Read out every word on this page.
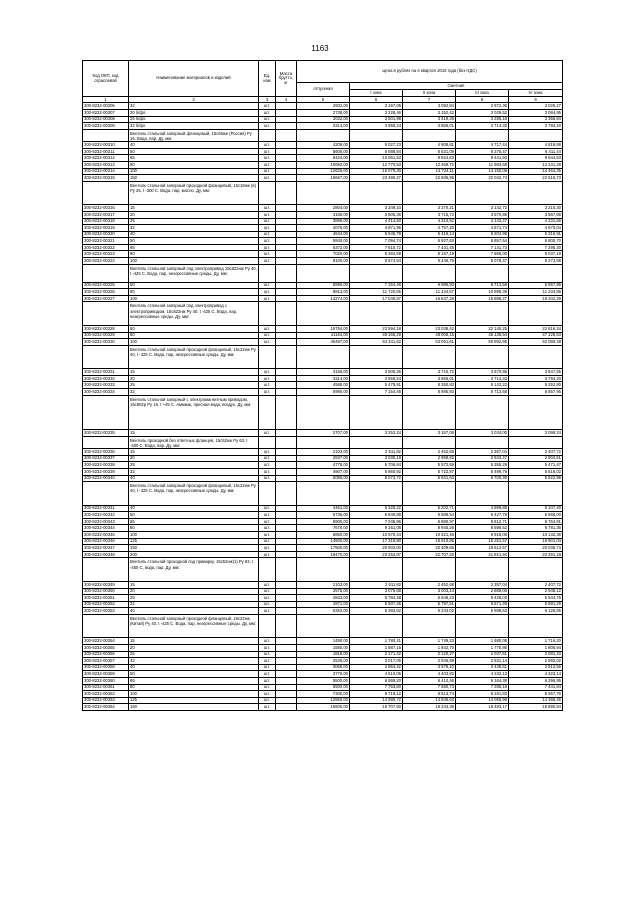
1163
Код ОКП, код отраслевой	Наименование материалов и изделий	Ед. изм	Масса брутто, кг	Цена в рублях на II квартал 2016 года (без НДС)				
				отпускная	Сметная			
					I зона	II зона	III зона	IV зона
1	2	3	4	5	6	7	8	9
300-8232-00306	32	шт.		2602,00	3 167,05	3 092,84	2 972,36	3 026,27
300-8232-00307	20 б/фл.	шт.		2738,00	3 228,46	3 152,42	3 029,52	3 084,95
300-8232-00308	25 б/фл.	шт.		2032,00	3 501,98	3 419,49	3 286,18	3 356,84
300-8232-00309	32 б/фл.	шт.		3314,00	3 958,24	3 865,01	3 714,33	3 784,20
	Вентиль стальной запорный фланцевый, 15с65нж (Россия) Ру 16. Вода, пар. Ду, мм:							
300-8232-00310	40	шт.		4209,00	5 027,23	4 908,81	4 717,44	4 819,88
300-8232-00311	50	шт.		5600,00	6 688,84	6 531,09	6 276,47	6 411,44
300-8232-00312	65	шт.		8424,00	10 061,53	9 824,63	9 441,60	9 644,63
300-8232-00313	80	шт.		10692,00	12 770,53	12 469,72	11 983,58	12 241,28
300-8232-00314	100	шт.		12625,00	15 079,30	14 724,11	14 150,08	14 454,35
300-8232-00315	150	шт.		19667,00	23 490,27	22 936,96	22 042,74	22 516,73
	Вентиль стальной запорный проходной фланцевый, 15с18нж (в) Ру 25, t -300 С. Вода, пар, масло. Ду, мм:							
300-8232-00316	15	шт.		2804,00	3 349,10	3 270,21	3 142,72	3 210,30
300-8232-00317	20	шт.		3156,00	3 605,36	3 715,72	3 570,86	3 567,66
300-8232-00318	25	шт.		3696,00	4 414,50	4 310,52	4 142,47	4 231,56
300-8232-00319	32	шт.		4076,00	4 871,96	4 757,20	4 571,74	4 670,04
300-8232-00320	40	шт.		4644,00	5 546,79	5 416,14	5 204,99	5 316,91
300-8232-00321	50	шт.		5940,00	7 094,74	6 927,63	6 657,54	6 800,70
300-8232-00322	65	шт.		6372,00	7 610,72	7 431,45	7 141,73	7 295,30
300-8232-00323	80	шт.		7020,00	8 384,69	8 187,19	7 868,00	8 037,19
300-8232-00324	100	шт.		8100,00	9 674,64	9 446,76	9 078,47	9 273,68
	Вентиль стальной запорный под электропривод 15с822нж Ру 40, t -425 С. Вода, пар, неагрессивные среды. Ду, мм:							
300-8232-00325	50	шт.		5990,00	7 154,46	6 985,93	6 713,58	6 857,95
300-8232-00326	80	шт.		9813,00	11 720,85	11 444,57	10 998,39	11 234,89
300-8232-00327	100	шт.		14274,00	17 048,87	16 647,28	15 998,27	16 342,29
	Вентиль стальной запорный под электропривод с электроприводом, 15с822нж Ру 40, t -425 С. Вода, пар, неагрессивные среды. Ду, мм:							
300-8232-00328	50	шт.		19754,00	23 594,18	23 038,42	22 140,25	22 616,34
300-8232-00329	80	шт.		41164,00	49 166,29	48 008,15	46 136,54	47 128,63
300-8232-00330	100	шт.		45497,00	54 341,62	53 061,61	50 992,95	52 089,48
	Вентиль стальной запорный проходной фланцевый, 15с22нж Ру 40, t -425 С. Вода, пар, неагрессивные среды. Ду, мм:							
300-8232-00331	15	шт.		3156,00	3 505,36	3 715,72	3 570,86	3 647,65
300-8232-00332	20	шт.		3314,00	3 958,24	3 865,01	3 714,33	3 794,20
300-8232-00333	25	шт.		4588,00	5 479,91	5 350,83	5 142,22	5 252,80
300-8232-00334	32	шт.		5990,00	7 154,46	6 985,93	6 713,58	6 857,95
	Вентиль стальной запорный с электромагнитным приводом, 15с802р Ру 16, t +45 С. Аммиак, пресная вода, воздух. Ду, мм:							
300-8232-00335	15	шт.		2707,00	3 253,24	3 157,06	3 034,00	3 099,24
	Вентиль проходной без ответных фланцев, 15с52нж Ру 63, t -400 С. Вода, пар. Ду, мм:							
300-8232-00336	15	шт.		2103,00	2 511,82	2 452,68	2 357,04	2 407,72
300-8232-00337	20	шт.		2537,00	3 030,19	2 958,82	2 843,47	2 904,61
300-8232-00338	25	шт.		4778,00	5 706,84	5 572,59	5 355,29	5 471,47
300-8232-00339	32	шт.		4907,00	5 860,92	5 722,87	5 499,76	5 618,02
300-8232-00340	40	шт.		5086,00	6 074,72	5 931,63	5 700,38	5 822,96
	Вентиль стальной запорный проходной фланцевый, 15с22нж Ру 40, t -425 С. Вода, пар, неагрессивные среды. Ду, мм:							
300-8232-00341	40	шт.		4461,00	5 328,22	5 202,71	4 999,88	5 107,40
300-8232-00342	50	шт.		5735,00	6 849,88	6 688,54	6 427,78	6 566,00
300-8232-00343	65	шт.		5900,00	7 046,96	6 880,97	6 612,71	6 754,91
300-8232-00344	80	шт.		7670,00	9 161,05	8 945,26	8 596,52	8 781,36
300-8232-00345	100	шт.		8850,00	10 570,44	10 321,46	9 918,06	10 132,36
300-8232-00346	125	шт.		14500,00	17 318,80	16 910,86	16 251,57	16 601,04
300-8232-00347	150	шт.		17500,00	20 902,00	20 409,66	19 612,57	20 035,74
300-8232-00348	200	шт.		19470,00	23 254,97	22 707,20	21 821,94	22 291,18
	Вентиль стальной проходной под приварку, 15с52нж(1) Ру 63, t -450 С, вода, пар. Ду, мм:							
300-8232-00349	15	шт.		2103,00	2 511,82	2 452,68	2 357,04	2 407,72
300-8232-00350	20	шт.		2575,00	3 075,58	3 003,14	2 886,06	2 948,12
300-8232-00351	25	шт.		4843,00	5 784,48	5 648,23	5 428,03	5 544,75
300-8232-00352	32	шт.		4971,00	5 937,36	5 797,51	5 571,49	5 691,29
300-8232-00353	40	шт.		5353,00	6 393,62	6 243,02	5 999,63	6 128,65
	Вентиль стальной запорный проходной фланцевый, 15с22нж (Китай) Ру 40, t -425 С. Вода, пар, неагрессивные среды. Ду, мм:							
300-8232-00354	15	шт.		1490,00	1 780,41	1 749,23	1 680,08	1 716,20
300-8232-00355	20	шт.		1580,00	1 887,15	1 842,70	1 770,86	1 808,94
300-8232-00356	25	шт.		1818,00	2 171,42	2 120,27	2 037,61	2 081,43
300-8232-00357	32	шт.		2528,00	3 017,05	2 945,99	2 831,14	2 892,02
300-8232-00358	40	шт.		3068,00	3 664,42	3 578,10	3 438,61	3 512,56
300-8232-00359	50	шт.		3776,00	4 510,05	4 403,82	4 232,13	4 323,14
300-8232-00360	65	шт.		5500,00	6 569,20	6 414,46	6 164,38	6 296,95
300-8232-00361	80	шт.		6500,00	7 763,60	7 580,73	7 285,18	7 441,84
300-8232-00362	100	шт.		7300,00	8 719,12	8 513,74	8 181,83	8 357,76
300-8232-00363	125	шт.		12550,00	14 989,72	14 636,63	14 065,98	14 368,45
300-8232-00364	150	шт.		16500,00	19 707,60	19 243,38	18 493,17	18 890,84
